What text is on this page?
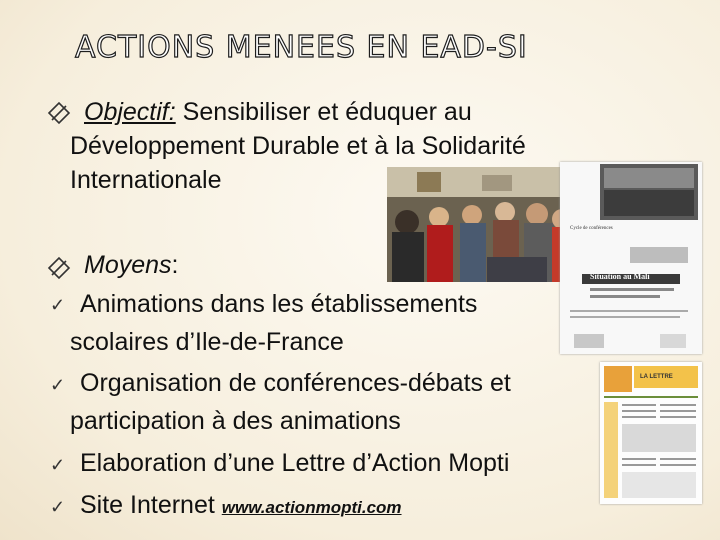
ACTIONS MENEES EN EAD-SI
Objectif: Sensibiliser et éduquer au
Développement Durable et à la Solidarité
Internationale
Cycle de conférences
Situation au Mali
LA LETTRE
Moyens:
✓ Animations dans les établissements
scolaires d’Ile-de-France
✓ Organisation de conférences-débats et
participation à des animations
✓ Elaboration d’une Lettre d’Action Mopti
✓ Site Internet www.actionmopti.com
